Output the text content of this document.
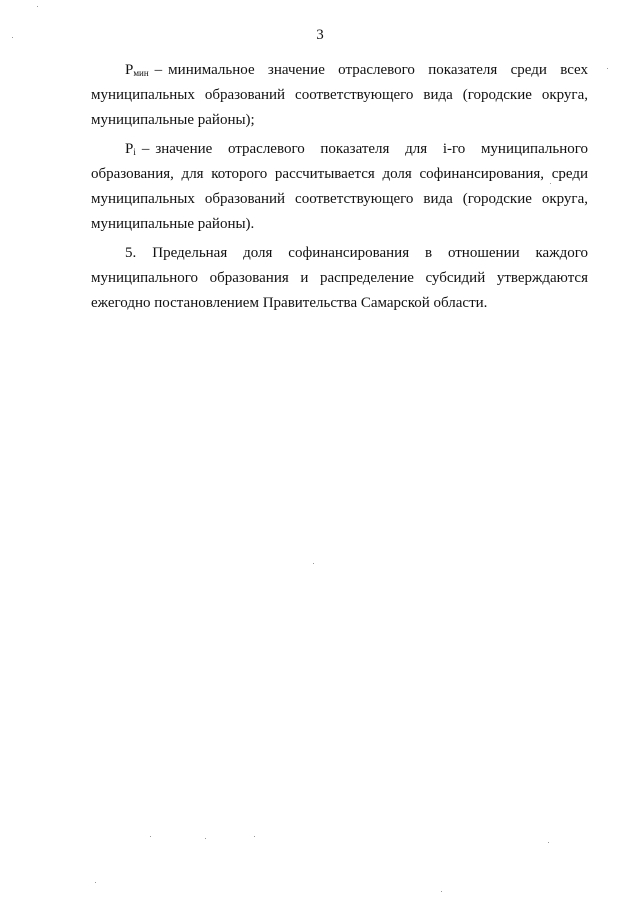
3

$P_{мин}$ – минимальное значение отраслевого показателя среди всех муниципальных образований соответствующего вида (городские округа, муниципальные районы);

$P_i$ – значение отраслевого показателя для i-го муниципального образования, для которого рассчитывается доля софинансирования, среди муниципальных образований соответствующего вида (городские округа, муниципальные районы).

5. Предельная доля софинансирования в отношении каждого муниципального образования и распределение субсидий утверждаются ежегодно постановлением Правительства Самарской области.
